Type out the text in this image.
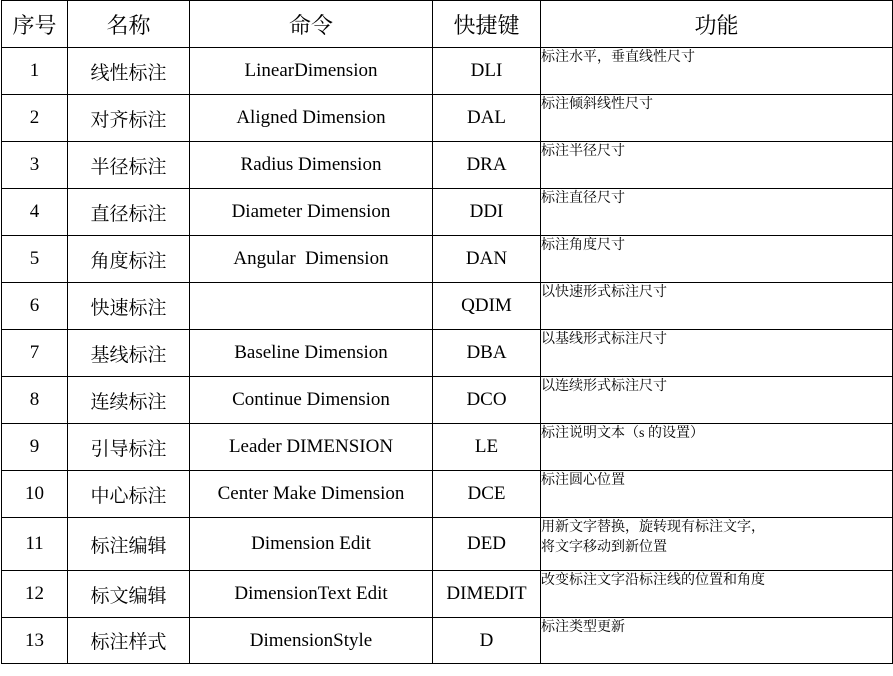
序号	名称	命令	快捷键	功能
1	线性标注	LinearDimension	DLI	标注水平，垂直线性尺寸
2	对齐标注	Aligned Dimension	DAL	标注倾斜线性尺寸
3	半径标注	Radius Dimension	DRA	标注半径尺寸
4	直径标注	Diameter Dimension	DDI	标注直径尺寸
5	角度标注	Angular  Dimension	DAN	标注角度尺寸
6	快速标注		QDIM	以快速形式标注尺寸
7	基线标注	Baseline Dimension	DBA	以基线形式标注尺寸
8	连续标注	Continue Dimension	DCO	以连续形式标注尺寸
9	引导标注	Leader DIMENSION	LE	标注说明文本（s 的设置）
10	中心标注	Center Make Dimension	DCE	标注圆心位置
11	标注编辑	Dimension Edit	DED	用新文字替换，旋转现有标注文字，
将文字移动到新位置
12	标文编辑	DimensionText Edit	DIMEDIT	改变标注文字沿标注线的位置和角度
13	标注样式	DimensionStyle	D	标注类型更新
